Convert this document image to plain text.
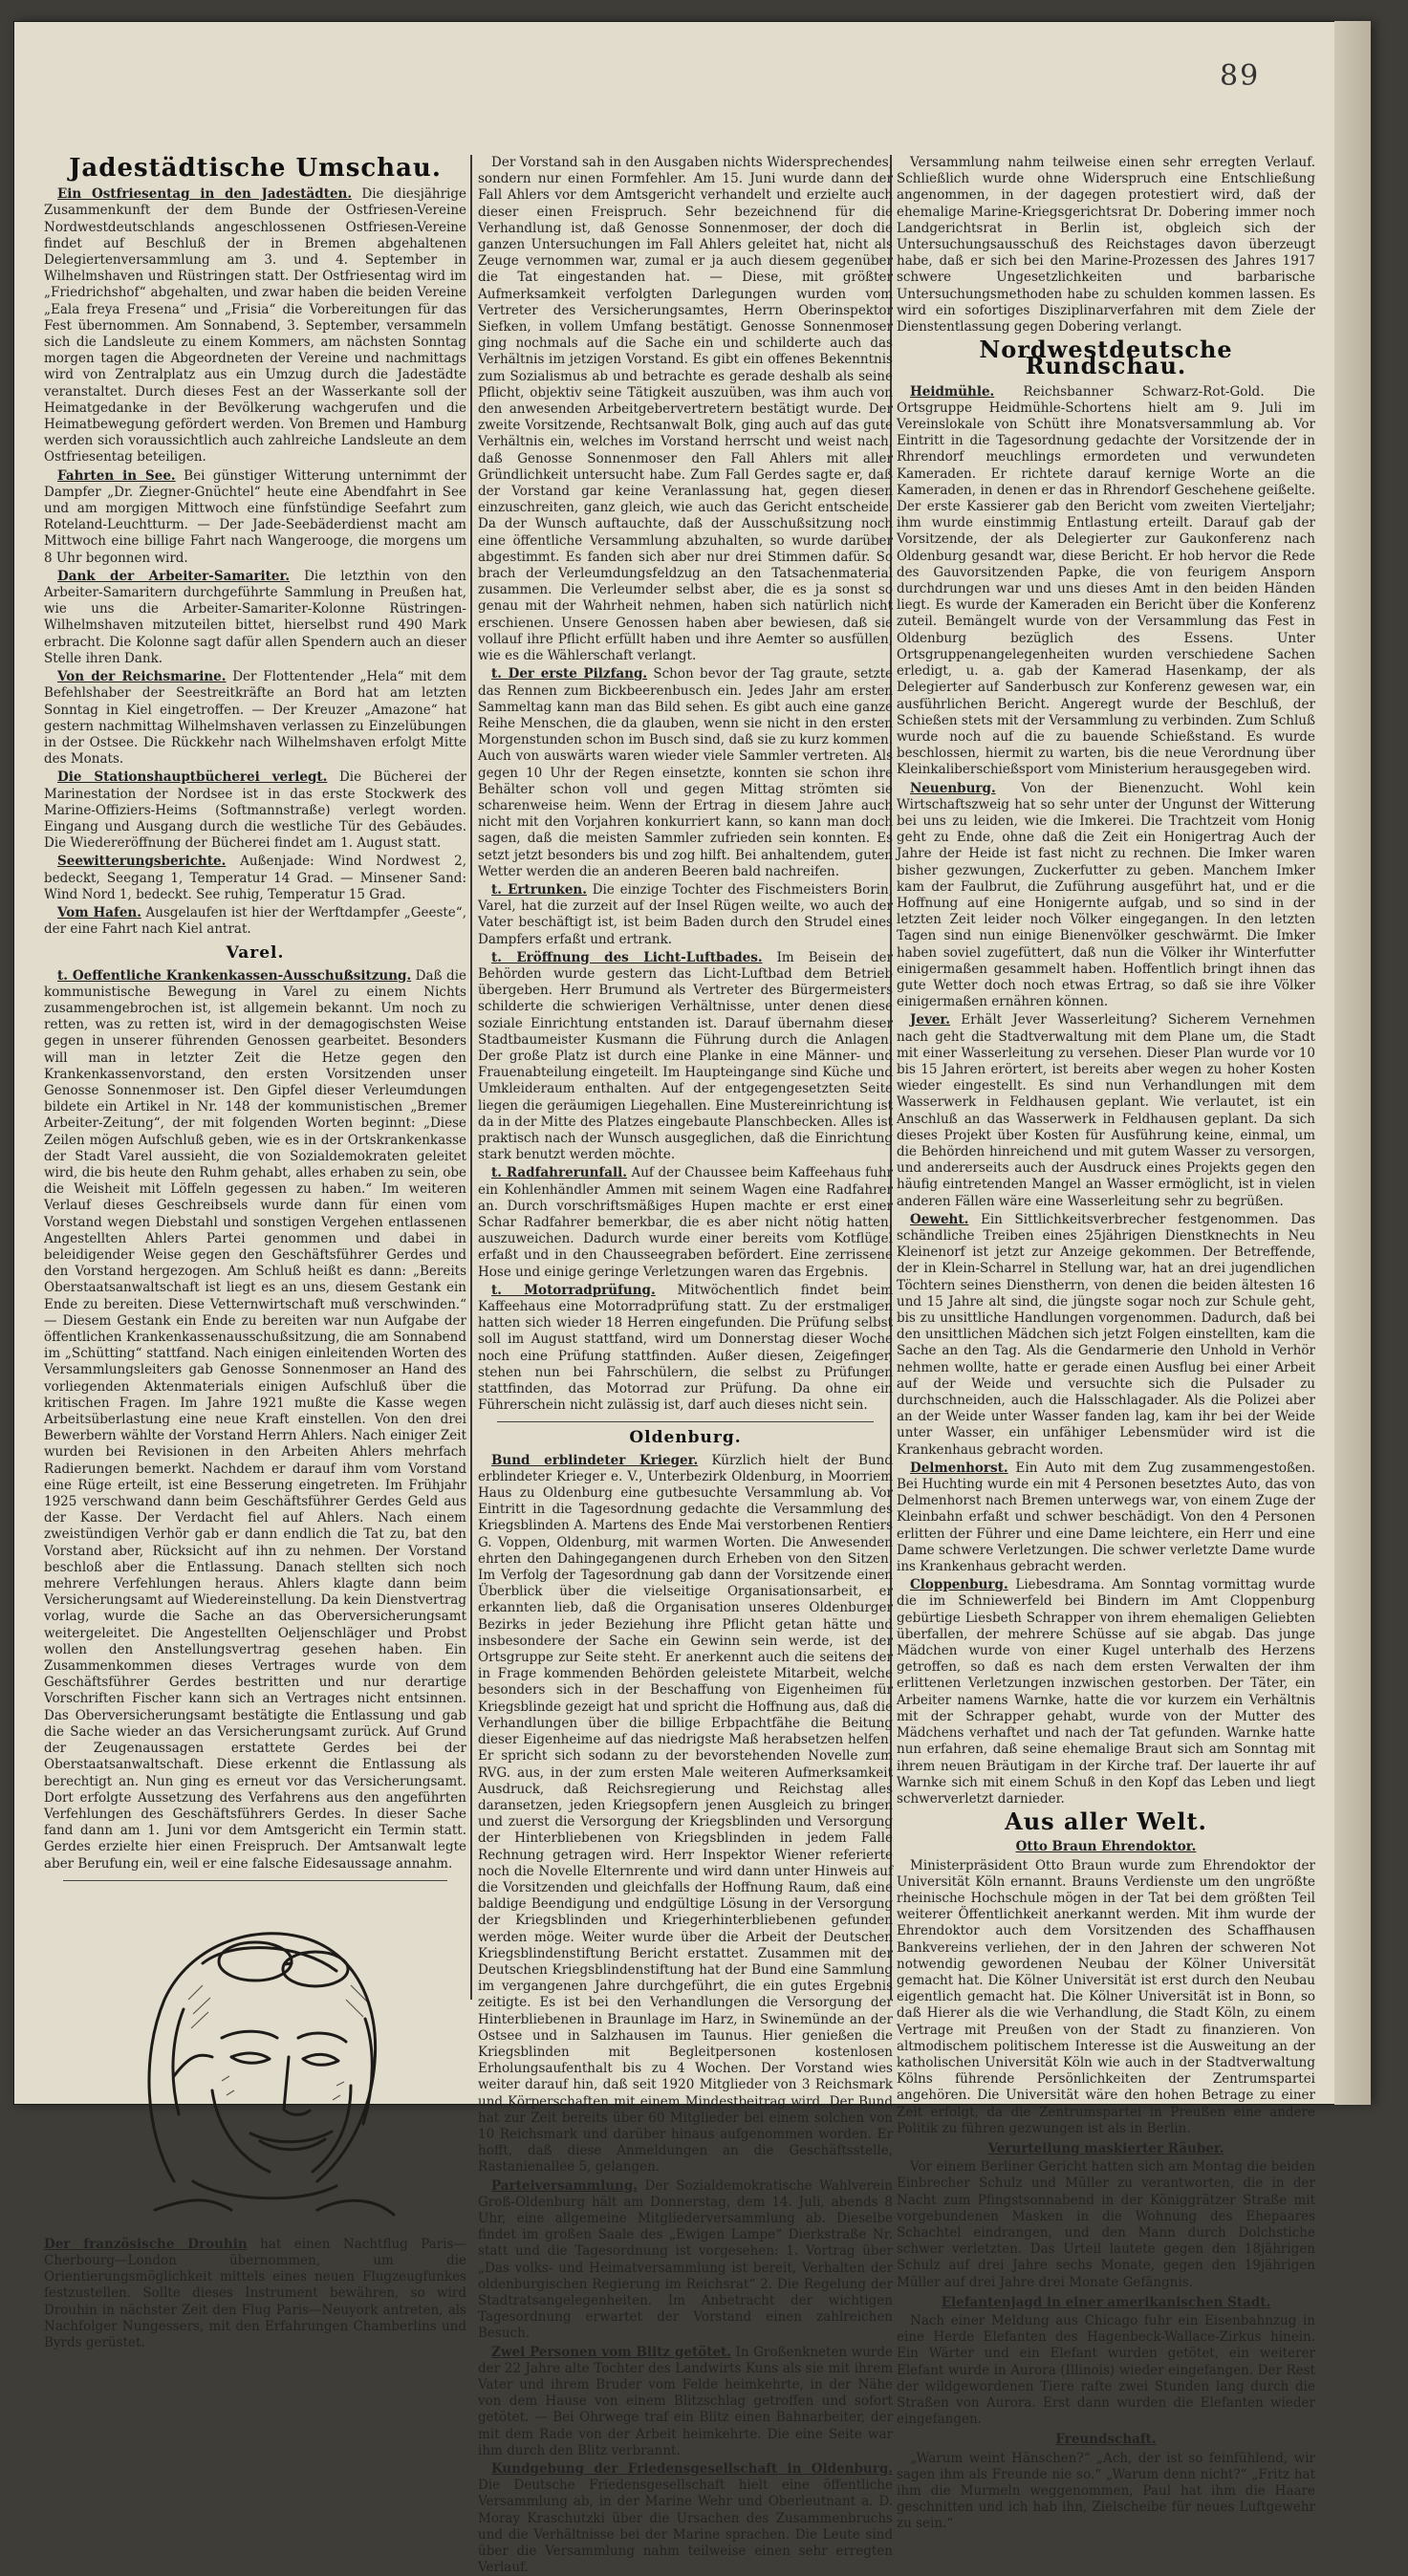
89
Jadestädtische Umschau.
Ein Ostfriesentag in den Jadestädten. Die diesjährige Zusammenkunft der dem Bunde der Ostfriesen-Vereine Nordwestdeutschlands angeschlossenen Ostfriesen-Vereine findet auf Beschluß der in Bremen abgehaltenen Delegiertenversammlung am 3. und 4. September in Wilhelmshaven und Rüstringen statt. Der Ostfriesentag wird im „Friedrichshof“ abgehalten, und zwar haben die beiden Vereine „Eala freya Fresena“ und „Frisia“ die Vorbereitungen für das Fest übernommen. Am Sonnabend, 3. September, versammeln sich die Landsleute zu einem Kommers, am nächsten Sonntag morgen tagen die Abgeordneten der Vereine und nachmittags wird von Zentralplatz aus ein Umzug durch die Jadestädte veranstaltet. Durch dieses Fest an der Wasserkante soll der Heimatgedanke in der Bevölkerung wachgerufen und die Heimatbewegung gefördert werden. Von Bremen und Hamburg werden sich voraussichtlich auch zahlreiche Landsleute an dem Ostfriesentag beteiligen.
Fahrten in See. Bei günstiger Witterung unternimmt der Dampfer „Dr. Ziegner-Gnüchtel“ heute eine Abendfahrt in See und am morgigen Mittwoch eine fünfstündige Seefahrt zum Roteland-Leuchtturm. — Der Jade-Seebäderdienst macht am Mittwoch eine billige Fahrt nach Wangerooge, die morgens um 8 Uhr begonnen wird.
Dank der Arbeiter-Samariter. Die letzthin von den Arbeiter-Samaritern durchgeführte Sammlung in Preußen hat, wie uns die Arbeiter-Samariter-Kolonne Rüstringen-Wilhelmshaven mitzuteilen bittet, hierselbst rund 490 Mark erbracht. Die Kolonne sagt dafür allen Spendern auch an dieser Stelle ihren Dank.
Von der Reichsmarine. Der Flottentender „Hela“ mit dem Befehlshaber der Seestreitkräfte an Bord hat am letzten Sonntag in Kiel eingetroffen. — Der Kreuzer „Amazone“ hat gestern nachmittag Wilhelmshaven verlassen zu Einzelübungen in der Ostsee. Die Rückkehr nach Wilhelmshaven erfolgt Mitte des Monats.
Die Stationshauptbücherei verlegt. Die Bücherei der Marinestation der Nordsee ist in das erste Stockwerk des Marine-Offiziers-Heims (Softmannstraße) verlegt worden. Eingang und Ausgang durch die westliche Tür des Gebäudes. Die Wiedereröffnung der Bücherei findet am 1. August statt.
Seewitterungsberichte. Außenjade: Wind Nordwest 2, bedeckt, Seegang 1, Temperatur 14 Grad. — Minsener Sand: Wind Nord 1, bedeckt. See ruhig, Temperatur 15 Grad.
Vom Hafen. Ausgelaufen ist hier der Werftdampfer „Geeste“, der eine Fahrt nach Kiel antrat.
Varel.
t. Oeffentliche Krankenkassen-Ausschußsitzung. Daß die kommunistische Bewegung in Varel zu einem Nichts zusammengebrochen ist, ist allgemein bekannt. Um noch zu retten, was zu retten ist, wird in der demagogischsten Weise gegen in unserer führenden Genossen gearbeitet. Besonders will man in letzter Zeit die Hetze gegen den Krankenkassenvorstand, den ersten Vorsitzenden unser Genosse Sonnenmoser ist. Den Gipfel dieser Verleumdungen bildete ein Artikel in Nr. 148 der kommunistischen „Bremer Arbeiter-Zeitung“, der mit folgenden Worten beginnt: „Diese Zeilen mögen Aufschluß geben, wie es in der Ortskrankenkasse der Stadt Varel aussieht, die von Sozialdemokraten geleitet wird, die bis heute den Ruhm gehabt, alles erhaben zu sein, obe die Weisheit mit Löffeln gegessen zu haben.“ Im weiteren Verlauf dieses Geschreibsels wurde dann für einen vom Vorstand wegen Diebstahl und sonstigen Vergehen entlassenen Angestellten Ahlers Partei genommen und dabei in beleidigender Weise gegen den Geschäftsführer Gerdes und den Vorstand hergezogen. Am Schluß heißt es dann: „Bereits Oberstaatsanwaltschaft ist liegt es an uns, diesem Gestank ein Ende zu bereiten. Diese Vetternwirtschaft muß verschwinden.“ — Diesem Gestank ein Ende zu bereiten war nun Aufgabe der öffentlichen Krankenkassenausschußsitzung, die am Sonnabend im „Schütting“ stattfand. Nach einigen einleitenden Worten des Versammlungsleiters gab Genosse Sonnenmoser an Hand des vorliegenden Aktenmaterials einigen Aufschluß über die kritischen Fragen. Im Jahre 1921 mußte die Kasse wegen Arbeitsüberlastung eine neue Kraft einstellen. Von den drei Bewerbern wählte der Vorstand Herrn Ahlers. Nach einiger Zeit wurden bei Revisionen in den Arbeiten Ahlers mehrfach Radierungen bemerkt. Nachdem er darauf ihm vom Vorstand eine Rüge erteilt, ist eine Besserung eingetreten. Im Frühjahr 1925 verschwand dann beim Geschäftsführer Gerdes Geld aus der Kasse. Der Verdacht fiel auf Ahlers. Nach einem zweistündigen Verhör gab er dann endlich die Tat zu, bat den Vorstand aber, Rücksicht auf ihn zu nehmen. Der Vorstand beschloß aber die Entlassung. Danach stellten sich noch mehrere Verfehlungen heraus. Ahlers klagte dann beim Versicherungsamt auf Wiedereinstellung. Da kein Dienstvertrag vorlag, wurde die Sache an das Oberversicherungsamt weitergeleitet. Die Angestellten Oeljenschläger und Probst wollen den Anstellungsvertrag gesehen haben. Ein Zusammenkommen dieses Vertrages wurde von dem Geschäftsführer Gerdes bestritten und nur derartige Vorschriften Fischer kann sich an Vertrages nicht entsinnen. Das Oberversicherungsamt bestätigte die Entlassung und gab die Sache wieder an das Versicherungsamt zurück. Auf Grund der Zeugenaussagen erstattete Gerdes bei der Oberstaatsanwaltschaft. Diese erkennt die Entlassung als berechtigt an. Nun ging es erneut vor das Versicherungsamt. Dort erfolgte Aussetzung des Verfahrens aus den angeführten Verfehlungen des Geschäftsführers Gerdes. In dieser Sache fand dann am 1. Juni vor dem Amtsgericht ein Termin statt. Gerdes erzielte hier einen Freispruch. Der Amtsanwalt legte aber Berufung ein, weil er eine falsche Eidesaussage annahm.
Der französische Drouhin hat einen Nachtflug Paris—Cherbourg—London übernommen, um die Orientierungsmöglichkeit mittels eines neuen Flugzeugfunkes festzustellen. Sollte dieses Instrument bewähren, so wird Drouhin in nächster Zeit den Flug Paris—Neuyork antreten, als Nachfolger Nungessers, mit den Erfahrungen Chamberlins und Byrds gerüstet.
Der Vorstand sah in den Ausgaben nichts Widersprechendes, sondern nur einen Formfehler. Am 15. Juni wurde dann der Fall Ahlers vor dem Amtsgericht verhandelt und erzielte auch dieser einen Freispruch. Sehr bezeichnend für die Verhandlung ist, daß Genosse Sonnenmoser, der doch die ganzen Untersuchungen im Fall Ahlers geleitet hat, nicht als Zeuge vernommen war, zumal er ja auch diesem gegenüber die Tat eingestanden hat. — Diese, mit größter Aufmerksamkeit verfolgten Darlegungen wurden vom Vertreter des Versicherungsamtes, Herrn Oberinspektor Siefken, in vollem Umfang bestätigt. Genosse Sonnenmoser ging nochmals auf die Sache ein und schilderte auch das Verhältnis im jetzigen Vorstand. Es gibt ein offenes Bekenntnis zum Sozialismus ab und betrachte es gerade deshalb als seine Pflicht, objektiv seine Tätigkeit auszuüben, was ihm auch von den anwesenden Arbeitgebervertretern bestätigt wurde. Der zweite Vorsitzende, Rechtsanwalt Bolk, ging auch auf das gute Verhältnis ein, welches im Vorstand herrscht und weist nach, daß Genosse Sonnenmoser den Fall Ahlers mit aller Gründlichkeit untersucht habe. Zum Fall Gerdes sagte er, daß der Vorstand gar keine Veranlassung hat, gegen diesen einzuschreiten, ganz gleich, wie auch das Gericht entscheide. Da der Wunsch auftauchte, daß der Ausschußsitzung noch eine öffentliche Versammlung abzuhalten, so wurde darüber abgestimmt. Es fanden sich aber nur drei Stimmen dafür. So brach der Verleumdungsfeldzug an den Tatsachenmaterial zusammen. Die Verleumder selbst aber, die es ja sonst so genau mit der Wahrheit nehmen, haben sich natürlich nicht erschienen. Unsere Genossen haben aber bewiesen, daß sie vollauf ihre Pflicht erfüllt haben und ihre Aemter so ausfüllen, wie es die Wählerschaft verlangt.
t. Der erste Pilzfang. Schon bevor der Tag graute, setzte das Rennen zum Bickbeerenbusch ein. Jedes Jahr am ersten Sammeltag kann man das Bild sehen. Es gibt auch eine ganze Reihe Menschen, die da glauben, wenn sie nicht in den ersten Morgenstunden schon im Busch sind, daß sie zu kurz kommen. Auch von auswärts waren wieder viele Sammler vertreten. Als gegen 10 Uhr der Regen einsetzte, konnten sie schon ihre Behälter schon voll und gegen Mittag strömten sie scharenweise heim. Wenn der Ertrag in diesem Jahre auch nicht mit den Vorjahren konkurriert kann, so kann man doch sagen, daß die meisten Sammler zufrieden sein konnten. Es setzt jetzt besonders bis und zog hilft. Bei anhaltendem, guten Wetter werden die an anderen Beeren bald nachreifen.
t. Ertrunken. Die einzige Tochter des Fischmeisters Borin, Varel, hat die zurzeit auf der Insel Rügen weilte, wo auch der Vater beschäftigt ist, ist beim Baden durch den Strudel eines Dampfers erfaßt und ertrank.
t. Eröffnung des Licht-Luftbades. Im Beisein der Behörden wurde gestern das Licht-Luftbad dem Betrieb übergeben. Herr Brumund als Vertreter des Bürgermeisters schilderte die schwierigen Verhältnisse, unter denen diese soziale Einrichtung entstanden ist. Darauf übernahm dieser Stadtbaumeister Kusmann die Führung durch die Anlagen. Der große Platz ist durch eine Planke in eine Männer- und Frauenabteilung eingeteilt. Im Haupteingange sind Küche und Umkleideraum enthalten. Auf der entgegengesetzten Seite liegen die geräumigen Liegehallen. Eine Mustereinrichtung ist da in der Mitte des Platzes eingebaute Planschbecken. Alles ist praktisch nach der Wunsch ausgeglichen, daß die Einrichtung stark benutzt werden möchte.
t. Radfahrerunfall. Auf der Chaussee beim Kaffeehaus fuhr ein Kohlenhändler Ammen mit seinem Wagen eine Radfahrer an. Durch vorschriftsmäßiges Hupen machte er erst einer Schar Radfahrer bemerkbar, die es aber nicht nötig hatten, auszuweichen. Dadurch wurde einer bereits vom Kotflügel erfaßt und in den Chausseegraben befördert. Eine zerrissene Hose und einige geringe Verletzungen waren das Ergebnis.
t. Motorradprüfung. Mitwöchentlich findet beim Kaffeehaus eine Motorradprüfung statt. Zu der erstmaligen hatten sich wieder 18 Herren eingefunden. Die Prüfung selbst soll im August stattfand, wird um Donnerstag dieser Woche noch eine Prüfung stattfinden. Außer diesen, Zeigefinger, stehen nun bei Fahrschülern, die selbst zu Prüfungen stattfinden, das Motorrad zur Prüfung. Da ohne ein Führerschein nicht zulässig ist, darf auch dieses nicht sein.
Oldenburg.
Bund erblindeter Krieger. Kürzlich hielt der Bund erblindeter Krieger e. V., Unterbezirk Oldenburg, in Moorriem Haus zu Oldenburg eine gutbesuchte Versammlung ab. Vor Eintritt in die Tagesordnung gedachte die Versammlung des Kriegsblinden A. Martens des Ende Mai verstorbenen Rentiers G. Voppen, Oldenburg, mit warmen Worten. Die Anwesenden ehrten den Dahingegangenen durch Erheben von den Sitzen. Im Verfolg der Tagesordnung gab dann der Vorsitzende einen Überblick über die vielseitige Organisationsarbeit, er erkannten lieb, daß die Organisation unseres Oldenburger Bezirks in jeder Beziehung ihre Pflicht getan hätte und insbesondere der Sache ein Gewinn sein werde, ist der Ortsgruppe zur Seite steht. Er anerkennt auch die seitens der in Frage kommenden Behörden geleistete Mitarbeit, welche besonders sich in der Beschaffung von Eigenheimen für Kriegsblinde gezeigt hat und spricht die Hoffnung aus, daß die Verhandlungen über die billige Erbpachtfähe die Beitung dieser Eigenheime auf das niedrigste Maß herabsetzen helfen. Er spricht sich sodann zu der bevorstehenden Novelle zum RVG. aus, in der zum ersten Male weiteren Aufmerksamkeit Ausdruck, daß Reichsregierung und Reichstag alles daransetzen, jeden Kriegsopfern jenen Ausgleich zu bringen und zuerst die Versorgung der Kriegsblinden und Versorgung der Hinterbliebenen von Kriegsblinden in jedem Falle Rechnung getragen wird. Herr Inspektor Wiener referierte noch die Novelle Elternrente und wird dann unter Hinweis auf die Vorsitzenden und gleichfalls der Hoffnung Raum, daß eine baldige Beendigung und endgültige Lösung in der Versorgung der Kriegsblinden und Kriegerhinterbliebenen gefunden werden möge. Weiter wurde über die Arbeit der Deutschen Kriegsblindenstiftung Bericht erstattet. Zusammen mit der Deutschen Kriegsblindenstiftung hat der Bund eine Sammlung im vergangenen Jahre durchgeführt, die ein gutes Ergebnis zeitigte. Es ist bei den Verhandlungen die Versorgung der Hinterbliebenen in Braunlage im Harz, in Swinemünde an der Ostsee und in Salzhausen im Taunus. Hier genießen die Kriegsblinden mit Begleitpersonen kostenlosen Erholungsaufenthalt bis zu 4 Wochen. Der Vorstand wies weiter darauf hin, daß seit 1920 Mitglieder von 3 Reichsmark und Körperschaften mit einem Mindestbeitrag wird. Der Bund hat zur Zeit bereits über 60 Mitglieder bei einem solchen von 10 Reichsmark und darüber hinaus aufgenommen worden. Er hofft, daß diese Anmeldungen an die Geschäftsstelle, Rastanienallee 5, gelangen.
Parteiversammlung. Der Sozialdemokratische Wahlverein Groß-Oldenburg hält am Donnerstag, dem 14. Juli, abends 8 Uhr, eine allgemeine Mitgliederversammlung ab. Dieselbe findet im großen Saale des „Ewigen Lampe“ Dierkstraße Nr. statt und die Tagesordnung ist vorgesehen: 1. Vortrag über „Das volks- und Heimatversammlung ist bereit, Verhalten der oldenburgischen Regierung im Reichsrat“ 2. Die Regelung der Stadtratsangelegenheiten. Im Anbetracht der wichtigen Tagesordnung erwartet der Vorstand einen zahlreichen Besuch.
Zwei Personen vom Blitz getötet. In Großenkneten wurde der 22 Jahre alte Tochter des Landwirts Kuns als sie mit ihrem Vater und ihrem Bruder vom Felde heimkehrte, in der Nähe von dem Hause von einem Blitzschlag getroffen und sofort getötet. — Bei Ohrwege traf ein Blitz einen Bahnarbeiter, der mit dem Rade von der Arbeit heimkehrte. Die eine Seite war ihm durch den Blitz verbrannt.
Kundgebung der Friedensgesellschaft in Oldenburg. Die Deutsche Friedensgesellschaft hielt eine öffentliche Versammlung ab, in der Marine Wehr und Oberleutnant a. D. Moray Kraschutzki über die Ursachen des Zusammenbruchs und die Verhältnisse bei der Marine sprachen. Die Leute sind über die Versammlung nahm teilweise einen sehr erregten Verlauf.
Versammlung nahm teilweise einen sehr erregten Verlauf. Schließlich wurde ohne Widerspruch eine Entschließung angenommen, in der dagegen protestiert wird, daß der ehemalige Marine-Kriegsgerichtsrat Dr. Dobering immer noch Landgerichtsrat in Berlin ist, obgleich sich der Untersuchungsausschuß des Reichstages davon überzeugt habe, daß er sich bei den Marine-Prozessen des Jahres 1917 schwere Ungesetzlichkeiten und barbarische Untersuchungsmethoden habe zu schulden kommen lassen. Es wird ein sofortiges Disziplinarverfahren mit dem Ziele der Dienstentlassung gegen Dobering verlangt.
Nordwestdeutsche Rundschau.
Heidmühle. Reichsbanner Schwarz-Rot-Gold. Die Ortsgruppe Heidmühle-Schortens hielt am 9. Juli im Vereinslokale von Schütt ihre Monatsversammlung ab. Vor Eintritt in die Tagesordnung gedachte der Vorsitzende der in Rhrendorf meuchlings ermordeten und verwundeten Kameraden. Er richtete darauf kernige Worte an die Kameraden, in denen er das in Rhrendorf Geschehene geißelte. Der erste Kassierer gab den Bericht vom zweiten Vierteljahr; ihm wurde einstimmig Entlastung erteilt. Darauf gab der Vorsitzende, der als Delegierter zur Gaukonferenz nach Oldenburg gesandt war, diese Bericht. Er hob hervor die Rede des Gauvorsitzenden Papke, die von feurigem Ansporn durchdrungen war und uns dieses Amt in den beiden Händen liegt. Es wurde der Kameraden ein Bericht über die Konferenz zuteil. Bemängelt wurde von der Versammlung das Fest in Oldenburg bezüglich des Essens. Unter Ortsgruppenangelegenheiten wurden verschiedene Sachen erledigt, u. a. gab der Kamerad Hasenkamp, der als Delegierter auf Sanderbusch zur Konferenz gewesen war, ein ausführlichen Bericht. Angeregt wurde der Beschluß, der Schießen stets mit der Versammlung zu verbinden. Zum Schluß wurde noch auf die zu bauende Schießstand. Es wurde beschlossen, hiermit zu warten, bis die neue Verordnung über Kleinkaliberschießsport vom Ministerium herausgegeben wird.
Neuenburg. Von der Bienenzucht. Wohl kein Wirtschaftszweig hat so sehr unter der Ungunst der Witterung bei uns zu leiden, wie die Imkerei. Die Trachtzeit vom Honig geht zu Ende, ohne daß die Zeit ein Honigertrag Auch der Jahre der Heide ist fast nicht zu rechnen. Die Imker waren bisher gezwungen, Zuckerfutter zu geben. Manchem Imker kam der Faulbrut, die Zuführung ausgeführt hat, und er die Hoffnung auf eine Honigernte aufgab, und so sind in der letzten Zeit leider noch Völker eingegangen. In den letzten Tagen sind nun einige Bienenvölker geschwärmt. Die Imker haben soviel zugefüttert, daß nun die Völker ihr Winterfutter einigermaßen gesammelt haben. Hoffentlich bringt ihnen das gute Wetter doch noch etwas Ertrag, so daß sie ihre Völker einigermaßen ernähren können.
Jever. Erhält Jever Wasserleitung? Sicherem Vernehmen nach geht die Stadtverwaltung mit dem Plane um, die Stadt mit einer Wasserleitung zu versehen. Dieser Plan wurde vor 10 bis 15 Jahren erörtert, ist bereits aber wegen zu hoher Kosten wieder eingestellt. Es sind nun Verhandlungen mit dem Wasserwerk in Feldhausen geplant. Wie verlautet, ist ein Anschluß an das Wasserwerk in Feldhausen geplant. Da sich dieses Projekt über Kosten für Ausführung keine, einmal, um die Behörden hinreichend und mit gutem Wasser zu versorgen, und andererseits auch der Ausdruck eines Projekts gegen den häufig eintretenden Mangel an Wasser ermöglicht, ist in vielen anderen Fällen wäre eine Wasserleitung sehr zu begrüßen.
Oeweht. Ein Sittlichkeitsverbrecher festgenommen. Das schändliche Treiben eines 25jährigen Dienstknechts in Neu Kleinenorf ist jetzt zur Anzeige gekommen. Der Betreffende, der in Klein-Scharrel in Stellung war, hat an drei jugendlichen Töchtern seines Dienstherrn, von denen die beiden ältesten 16 und 15 Jahre alt sind, die jüngste sogar noch zur Schule geht, bis zu unsittliche Handlungen vorgenommen. Dadurch, daß bei den unsittlichen Mädchen sich jetzt Folgen einstellten, kam die Sache an den Tag. Als die Gendarmerie den Unhold in Verhör nehmen wollte, hatte er gerade einen Ausflug bei einer Arbeit auf der Weide und versuchte sich die Pulsader zu durchschneiden, auch die Halsschlagader. Als die Polizei aber an der Weide unter Wasser fanden lag, kam ihr bei der Weide unter Wasser, ein unfähiger Lebensmüder wird ist die Krankenhaus gebracht worden.
Delmenhorst. Ein Auto mit dem Zug zusammengestoßen. Bei Huchting wurde ein mit 4 Personen besetztes Auto, das von Delmenhorst nach Bremen unterwegs war, von einem Zuge der Kleinbahn erfaßt und schwer beschädigt. Von den 4 Personen erlitten der Führer und eine Dame leichtere, ein Herr und eine Dame schwere Verletzungen. Die schwer verletzte Dame wurde ins Krankenhaus gebracht werden.
Cloppenburg. Liebesdrama. Am Sonntag vormittag wurde die im Schniewerfeld bei Bindern im Amt Cloppenburg gebürtige Liesbeth Schrapper von ihrem ehemaligen Geliebten überfallen, der mehrere Schüsse auf sie abgab. Das junge Mädchen wurde von einer Kugel unterhalb des Herzens getroffen, so daß es nach dem ersten Verwalten der ihm erlittenen Verletzungen inzwischen gestorben. Der Täter, ein Arbeiter namens Warnke, hatte die vor kurzem ein Verhältnis mit der Schrapper gehabt, wurde von der Mutter des Mädchens verhaftet und nach der Tat gefunden. Warnke hatte nun erfahren, daß seine ehemalige Braut sich am Sonntag mit ihrem neuen Bräutigam in der Kirche traf. Der lauerte ihr auf Warnke sich mit einem Schuß in den Kopf das Leben und liegt schwerverletzt darnieder.
Aus aller Welt.
Otto Braun Ehrendoktor.
Ministerpräsident Otto Braun wurde zum Ehrendoktor der Universität Köln ernannt. Brauns Verdienste um den ungrößte rheinische Hochschule mögen in der Tat bei dem größten Teil weiterer Öffentlichkeit anerkannt werden. Mit ihm wurde der Ehrendoktor auch dem Vorsitzenden des Schaffhausen Bankvereins verliehen, der in den Jahren der schweren Not notwendig gewordenen Neubau der Kölner Universität gemacht hat. Die Kölner Universität ist erst durch den Neubau eigentlich gemacht hat. Die Kölner Universität ist in Bonn, so daß Hierer als die wie Verhandlung, die Stadt Köln, zu einem Vertrage mit Preußen von der Stadt zu finanzieren. Von altmodischem politischem Interesse ist die Ausweitung an der katholischen Universität Köln wie auch in der Stadtverwaltung Kölns führende Persönlichkeiten der Zentrumspartei angehören. Die Universität wäre den hohen Betrage zu einer Zeit erfolgt, da die Zentrumspartei in Preußen eine andere Politik zu führen gezwungen ist als in Berlin.
Verurteilung maskierter Räuber.
Vor einem Berliner Gericht hatten sich am Montag die beiden Einbrecher Schulz und Müller zu verantworten, die in der Nacht zum Pfingstsonnabend in der Königgrätzer Straße mit vorgebundenen Masken in die Wohnung des Ehepaares Schachtel eindrangen, und den Mann durch Dolchstiche schwer verletzten. Das Urteil lautete gegen den 18jährigen Schulz auf drei Jahre sechs Monate, gegen den 19jährigen Müller auf drei Jahre drei Monate Gefängnis.
Elefantenjagd in einer amerikanischen Stadt.
Nach einer Meldung aus Chicago fuhr ein Eisenbahnzug in eine Herde Elefanten des Hagenbeck-Wallace-Zirkus hinein. Ein Wärter und ein Elefant wurden getötet, ein weiterer Elefant wurde in Aurora (Illinois) wieder eingefangen. Der Rest der wildgewordenen Tiere rafte zwei Stunden lang durch die Straßen von Aurora. Erst dann wurden die Elefanten wieder eingefangen.
Freundschaft.
„Warum weint Hänschen?“ „Ach, der ist so feinfühlend, wir sagen ihm als Freunde nie so.“ „Warum denn nicht?“ „Fritz hat ihm die Murmeln weggenommen, Paul hat ihm die Haare geschnitten und ich hab ihn, Zielscheibe für neues Luftgewehr zu sein.“
